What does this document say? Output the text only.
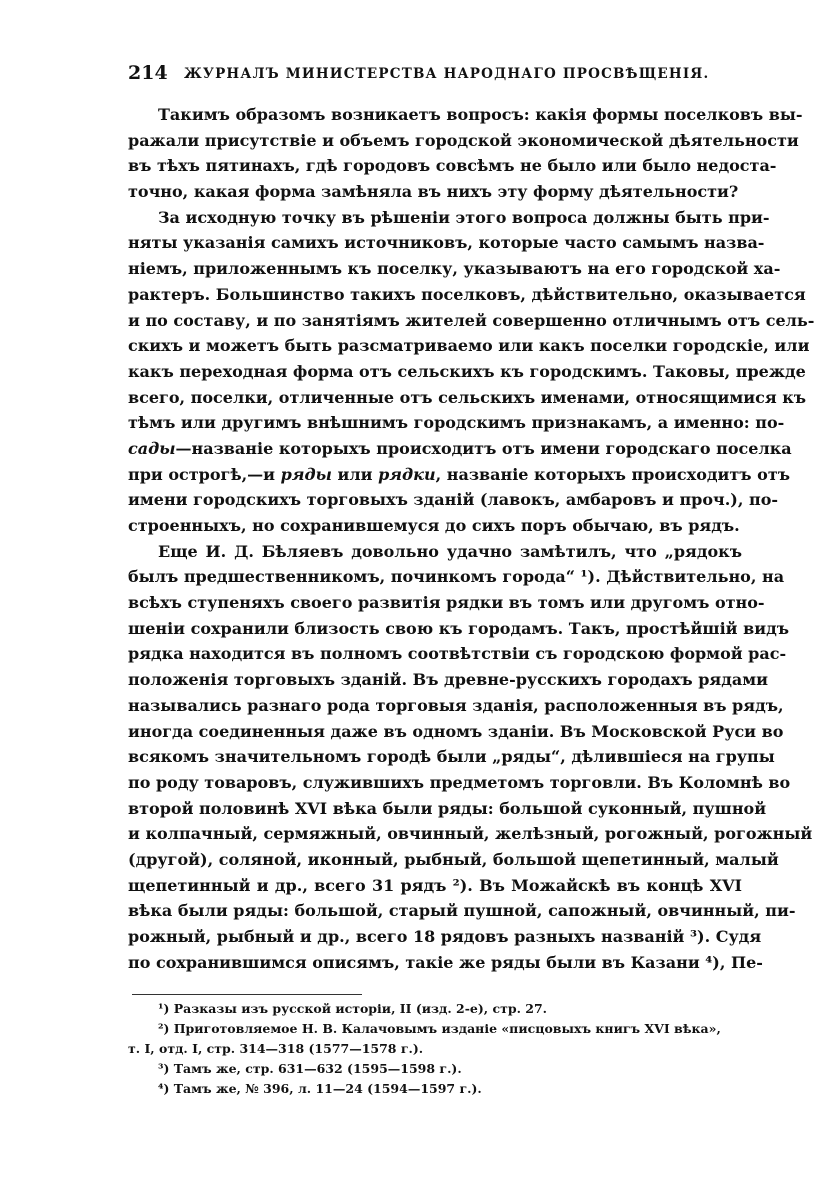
214 ЖУРНАЛЪ МИНИСТЕРСТВА НАРОДНАГО ПРОСВѢЩЕНІЯ.
Такимъ образомъ возникаетъ вопросъ: какія формы поселковъ вы-
ражали присутствіе и объемъ городской экономической дѣятельности
въ тѣхъ пятинахъ, гдѣ городовъ совсѣмъ не было или было недоста-
точно, какая форма замѣняла въ нихъ эту форму дѣятельности?
За исходную точку въ рѣшеніи этого вопроса должны быть при-
няты указанія самихъ источниковъ, которые часто самымъ назва-
ніемъ, приложеннымъ къ поселку, указываютъ на его городской ха-
рактеръ. Большинство такихъ поселковъ, дѣйствительно, оказывается
и по составу, и по занятіямъ жителей совершенно отличнымъ отъ сель-
скихъ и можетъ быть разсматриваемо или какъ поселки городскіе, или
какъ переходная форма отъ сельскихъ къ городскимъ. Таковы, прежде
всего, поселки, отличенные отъ сельскихъ именами, относящимися къ
тѣмъ или другимъ внѣшнимъ городскимъ признакамъ, а именно: по-
сады—названіе которыхъ происходитъ отъ имени городскаго поселка
при острогѣ,—и ряды или рядки, названіе которыхъ происходитъ отъ
имени городскихъ торговыхъ зданій (лавокъ, амбаровъ и проч.), по-
строенныхъ, но сохранившемуся до сихъ поръ обычаю, въ рядъ.
Еще И. Д. Бѣляевъ довольно удачно замѣтилъ, что „рядокъ
былъ предшественникомъ, починкомъ города“ ¹). Дѣйствительно, на
всѣхъ ступеняхъ своего развитія рядки въ томъ или другомъ отно-
шеніи сохранили близость свою къ городамъ. Такъ, простѣйшій видъ
рядка находится въ полномъ соотвѣтствіи съ городскою формой рас-
положенія торговыхъ зданій. Въ древне-русскихъ городахъ рядами
назывались разнаго рода торговыя зданія, расположенныя въ рядъ,
иногда соединенныя даже въ одномъ зданіи. Въ Московской Руси во
всякомъ значительномъ городѣ были „ряды“, дѣлившіеся на групы
по роду товаровъ, служившихъ предметомъ торговли. Въ Коломнѣ во
второй половинѣ XVI вѣка были ряды: большой суконный, пушной
и колпачный, сермяжный, овчинный, желѣзный, рогожный, рогожный
(другой), соляной, иконный, рыбный, большой щепетинный, малый
щепетинный и др., всего 31 рядъ ²). Въ Можайскѣ въ концѣ XVI
вѣка были ряды: большой, старый пушной, сапожный, овчинный, пи-
рожный, рыбный и др., всего 18 рядовъ разныхъ названій ³). Судя
по сохранившимся описямъ, такіе же ряды были въ Казани ⁴), Пе-
¹) Разказы изъ русской исторіи, II (изд. 2-е), стр. 27.
²) Приготовляемое Н. В. Калачовымъ изданіе «писцовыхъ книгъ XVI вѣка»,
т. I, отд. I, стр. 314—318 (1577—1578 г.).
³) Тамъ же, стр. 631—632 (1595—1598 г.).
⁴) Тамъ же, № 396, л. 11—24 (1594—1597 г.).
